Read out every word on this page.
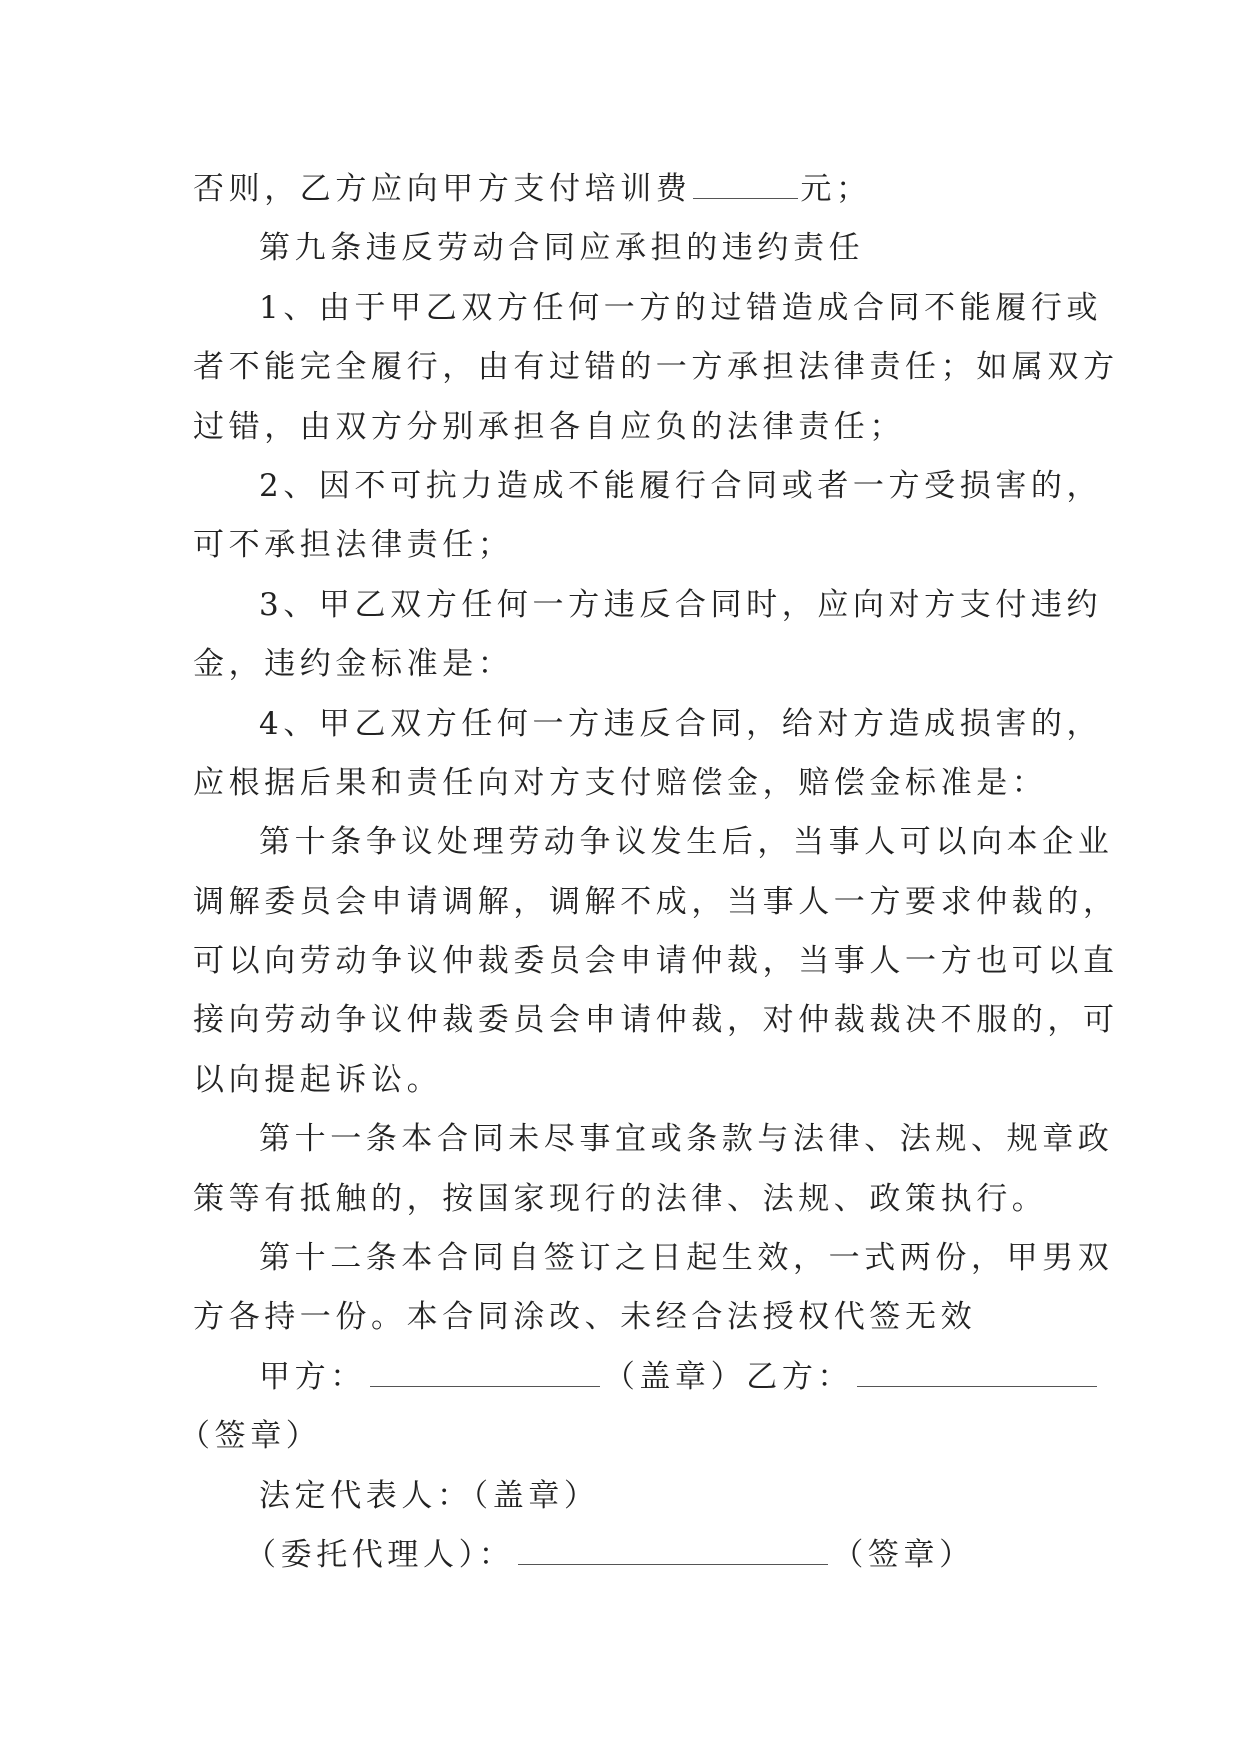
否则，乙方应向甲方支付培训费	元；
第九条违反劳动合同应承担的违约责任
1、由于甲乙双方任何一方的过错造成合同不能履行或
者不能完全履行，由有过错的一方承担法律责任；如属双方
过错，由双方分别承担各自应负的法律责任；
2、因不可抗力造成不能履行合同或者一方受损害的，
可不承担法律责任；
3、甲乙双方任何一方违反合同时，应向对方支付违约
金，违约金标准是：
4、甲乙双方任何一方违反合同，给对方造成损害的，
应根据后果和责任向对方支付赔偿金，赔偿金标准是：
第十条争议处理劳动争议发生后，当事人可以向本企业
调解委员会申请调解，调解不成，当事人一方要求仲裁的，
可以向劳动争议仲裁委员会申请仲裁，当事人一方也可以直
接向劳动争议仲裁委员会申请仲裁，对仲裁裁决不服的，可
以向提起诉讼。
第十一条本合同未尽事宜或条款与法律、法规、规章政
策等有抵触的，按国家现行的法律、法规、政策执行。
第十二条本合同自签订之日起生效，一式两份，甲男双
方各持一份。本合同涂改、未经合法授权代签无效
甲方：	（盖章）乙方：
（签章）
法定代表人：（盖章）
（委托代理人）：	（签章）
